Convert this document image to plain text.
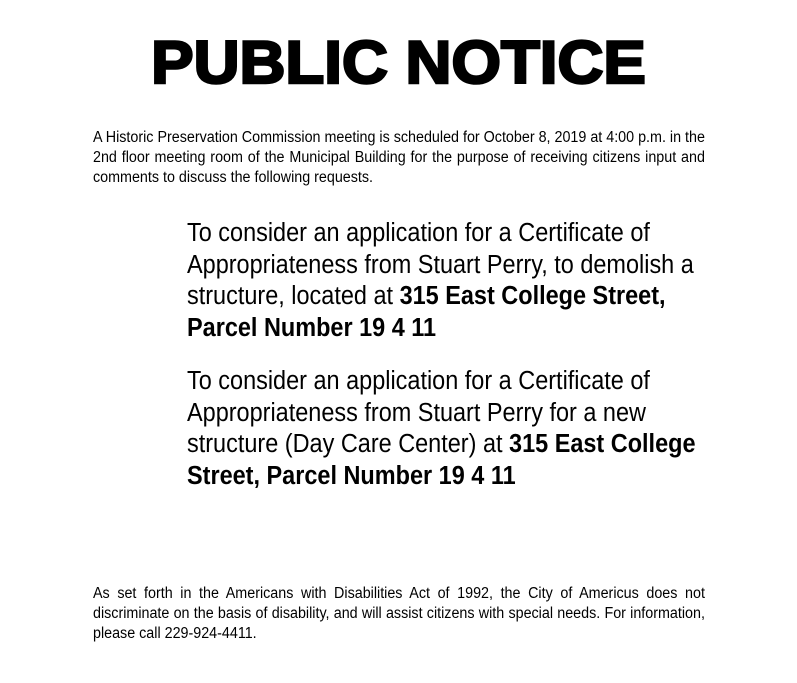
PUBLIC NOTICE

A Historic Preservation Commission meeting is scheduled for October 8, 2019 at 4:00 p.m. in the 2nd floor meeting room of the Municipal Building for the purpose of receiving citizens input and comments to discuss the following requests.

To consider an application for a Certificate of Appropriateness from Stuart Perry, to demolish a structure, located at 315 East College Street, Parcel Number 19 4 11

To consider an application for a Certificate of Appropriateness from Stuart Perry for a new structure (Day Care Center) at 315 East College Street, Parcel Number 19 4 11

As set forth in the Americans with Disabilities Act of 1992, the City of Americus does not discriminate on the basis of disability, and will assist citizens with special needs. For information, please call 229-924-4411.
